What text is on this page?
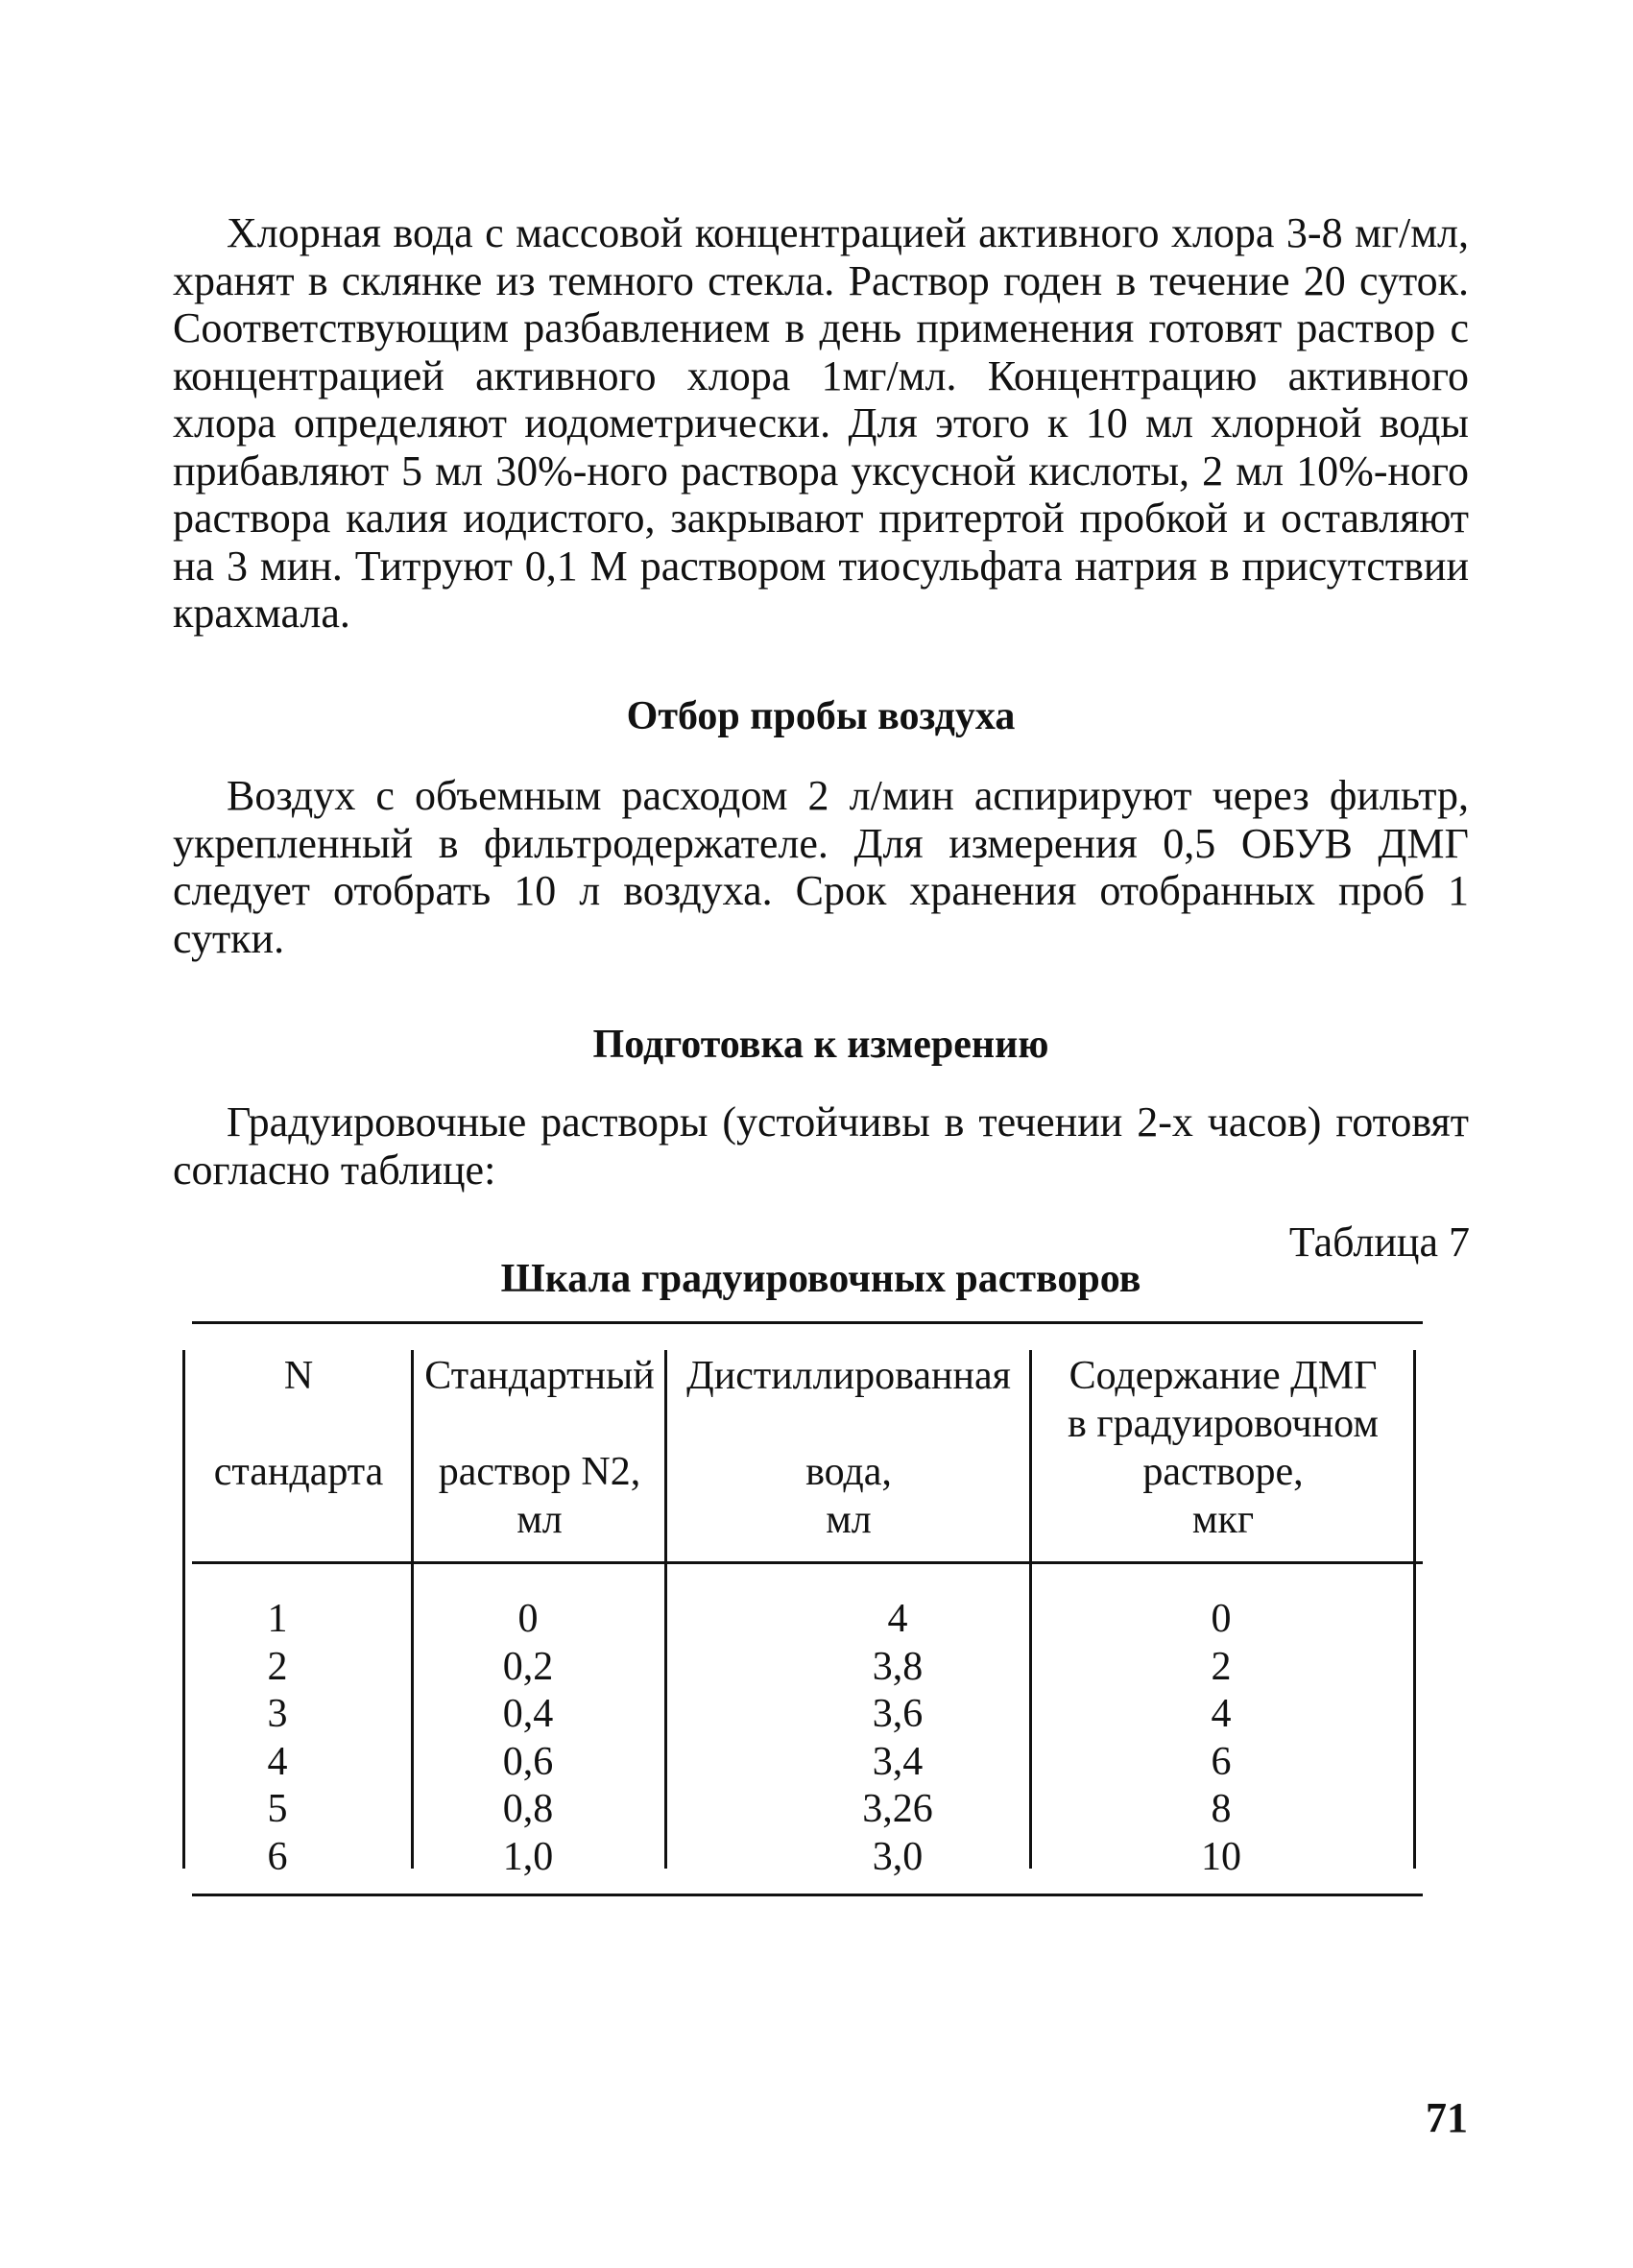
Хлорная вода с массовой концентрацией активного хлора 3-8 мг/мл, хранят в склянке из темного стекла. Раствор годен в течение 20 суток. Соответствующим разбавлением в день применения готовят раствор с концентрацией активного хлора 1мг/мл. Концентрацию активного хлора определяют иодометрически. Для этого к 10 мл хлорной воды прибавляют 5 мл 30%-ного раствора уксусной кислоты, 2 мл 10%-ного раствора калия иодистого, закрывают притертой пробкой и оставляют на 3 мин. Титруют 0,1 М раствором тиосульфата натрия в присутствии крахмала.

Отбор пробы воздуха

Воздух с объемным расходом 2 л/мин аспирируют через фильтр, укрепленный в фильтродержателе. Для измерения 0,5 ОБУВ ДМГ следует отобрать 10 л воздуха. Срок хранения отобранных проб 1 сутки.

Подготовка к измерению

Градуировочные растворы (устойчивы в течении 2-х часов) готовят согласно таблице:

Таблица 7

Шкала градуировочных растворов

N
стандарта
Стандартный
раствор N2,
мл
Дистиллированная
вода,
мл
Содержание ДМГ
в градуировочном
растворе,
мкг
1
2
3
4
5
6
0
0,2
0,4
0,6
0,8
1,0
4
3,8
3,6
3,4
3,26
3,0
0
2
4
6
8
10

71
